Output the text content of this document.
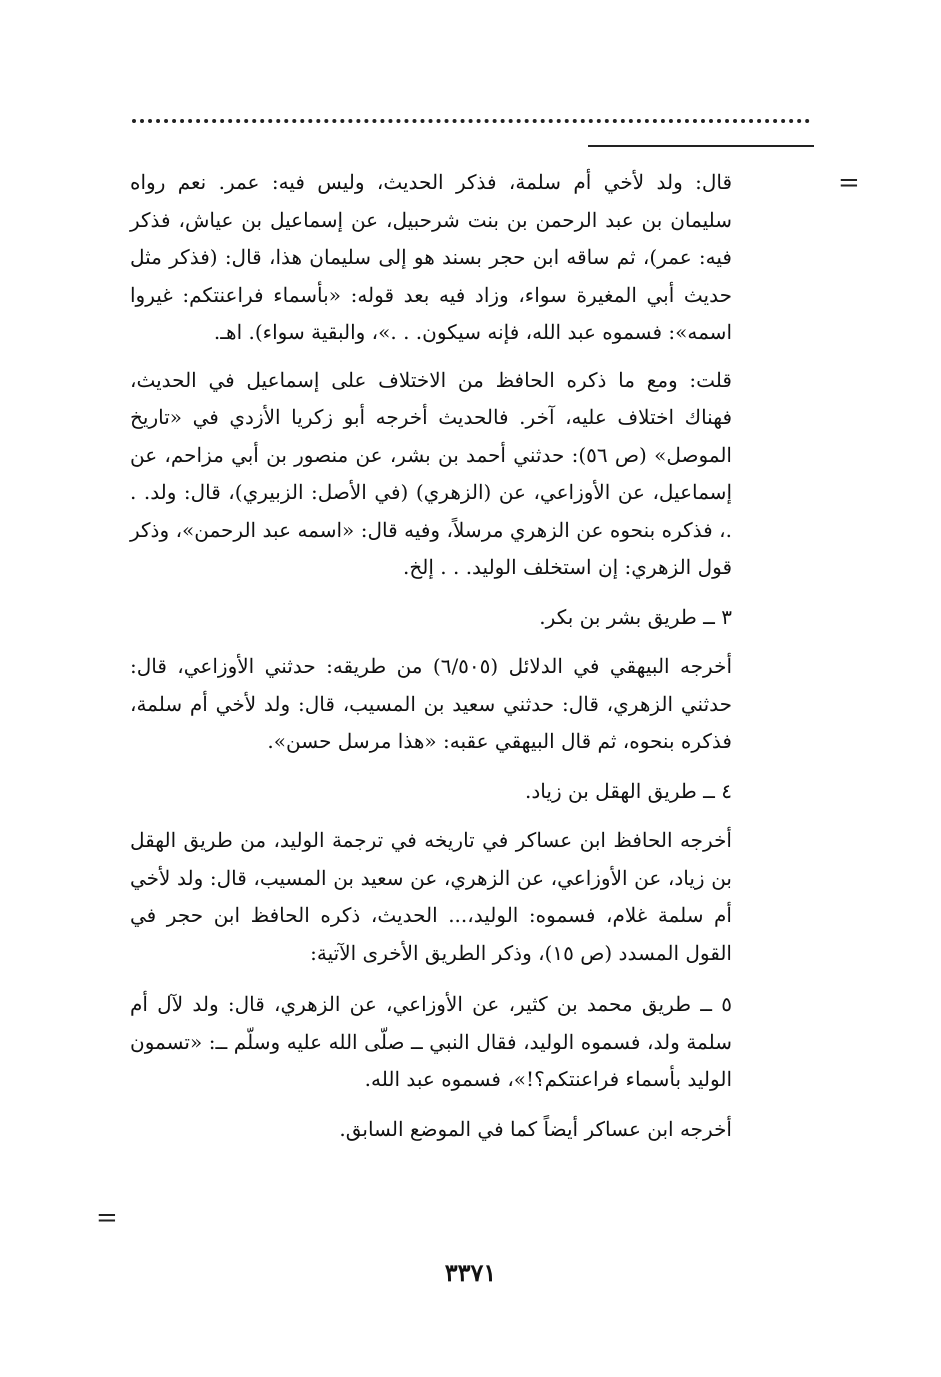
=
=

قال: ولد لأخي أم سلمة، فذكر الحديث، وليس فيه: عمر. نعم رواه سليمان بن عبد الرحمن بن بنت شرحبيل، عن إسماعيل بن عياش، فذكر فيه: عمر)، ثم ساقه ابن حجر بسند هو إلى سليمان هذا، قال: (فذكر مثل حديث أبي المغيرة سواء، وزاد فيه بعد قوله: «بأسماء فراعنتكم: غيروا اسمه»: فسموه عبد الله، فإنه سيكون. . .»، والبقية سواء). اهـ.

قلت: ومع ما ذكره الحافظ من الاختلاف على إسماعيل في الحديث، فهناك اختلاف عليه، آخر. فالحديث أخرجه أبو زكريا الأزدي في «تاريخ الموصل» (ص ٥٦): حدثني أحمد بن بشر، عن منصور بن أبي مزاحم، عن إسماعيل، عن الأوزاعي، عن (الزهري) (في الأصل: الزبيري)، قال: ولد. . .، فذكره بنحوه عن الزهري مرسلاً، وفيه قال: «اسمه عبد الرحمن»، وذكر قول الزهري: إن استخلف الوليد. . . إلخ.

٣ ــ طريق بشر بن بكر.

أخرجه البيهقي في الدلائل (٦/٥٠٥) من طريقه: حدثني الأوزاعي، قال: حدثني الزهري، قال: حدثني سعيد بن المسيب، قال: ولد لأخي أم سلمة، فذكره بنحوه، ثم قال البيهقي عقبه: «هذا مرسل حسن».

٤ ــ طريق الهقل بن زياد.

أخرجه الحافظ ابن عساكر في تاريخه في ترجمة الوليد، من طريق الهقل بن زياد، عن الأوزاعي، عن الزهري، عن سعيد بن المسيب، قال: ولد لأخي أم سلمة غلام، فسموه: الوليد،... الحديث، ذكره الحافظ ابن حجر في القول المسدد (ص ١٥)، وذكر الطريق الأخرى الآتية:

٥ ــ طريق محمد بن كثير، عن الأوزاعي، عن الزهري، قال: ولد لآل أم سلمة ولد، فسموه الوليد، فقال النبي ــ صلّى الله عليه وسلّم ــ: «تسمون الوليد بأسماء فراعنتكم؟!»، فسموه عبد الله.

أخرجه ابن عساكر أيضاً كما في الموضع السابق.

٣٣٧١
